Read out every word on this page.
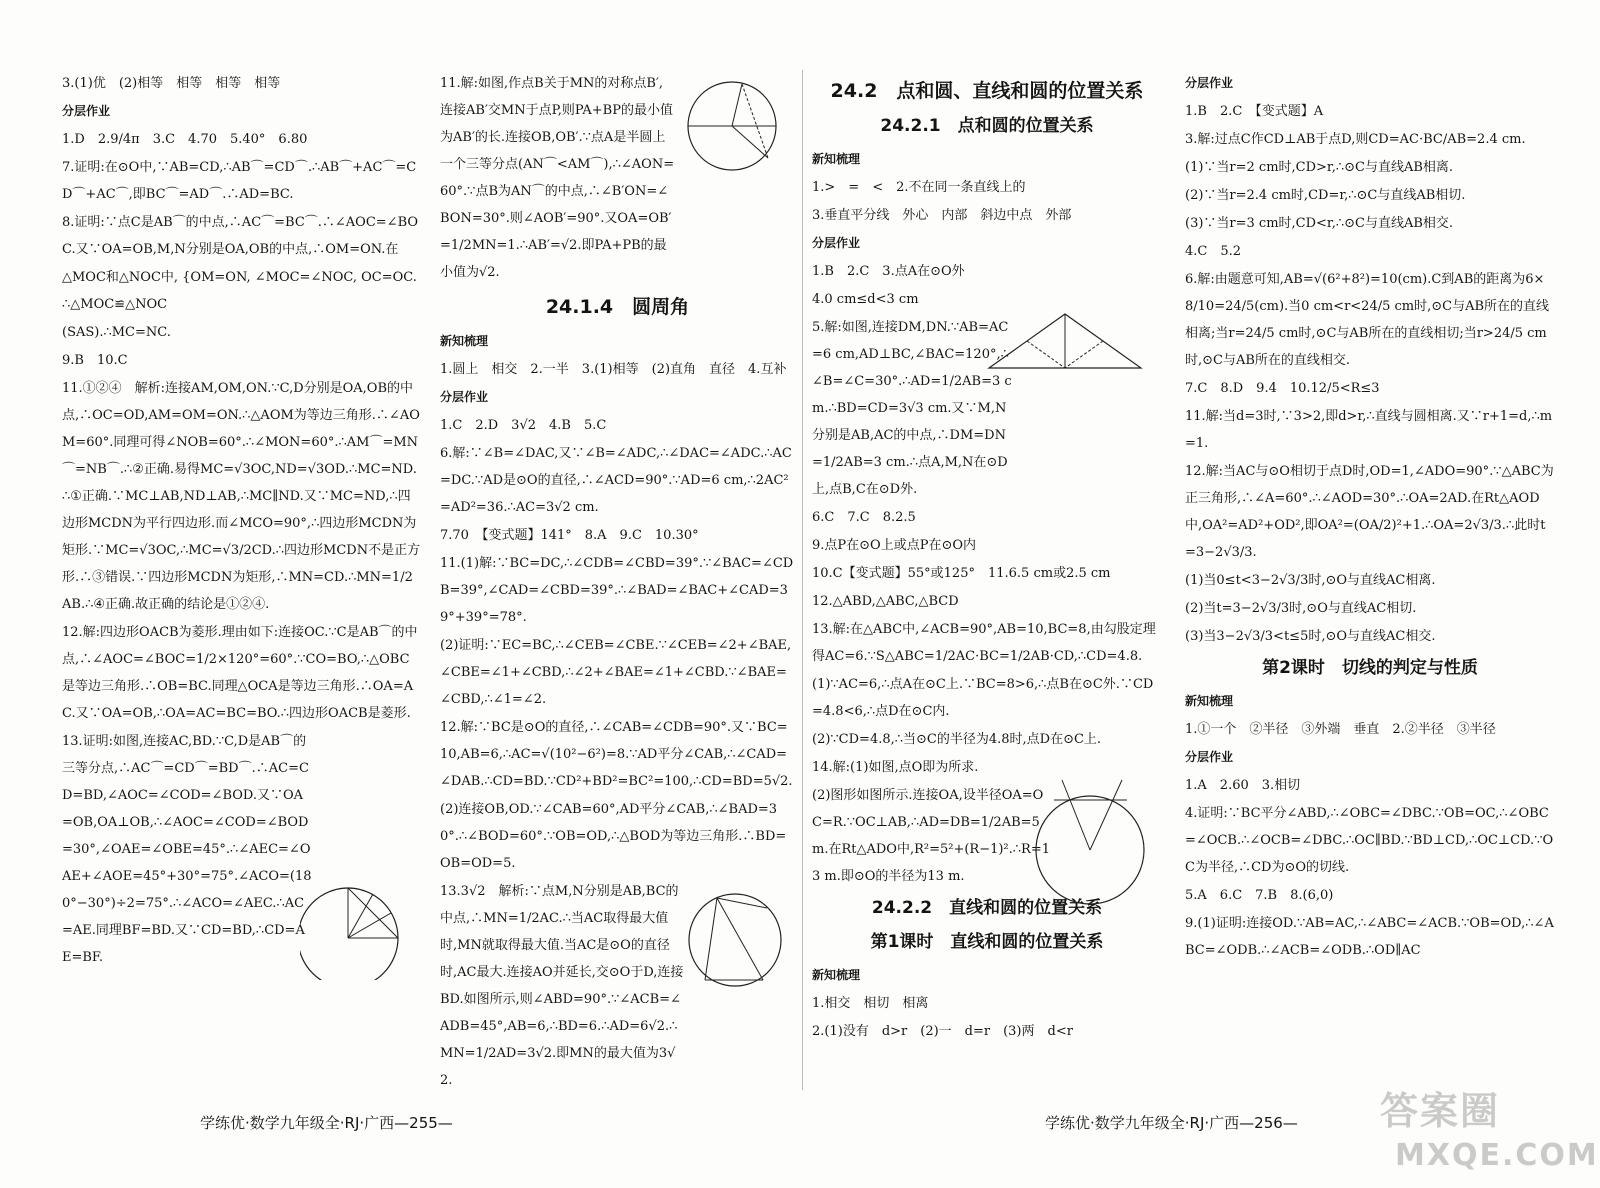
3.(1)优　(2)相等　相等　相等　相等

分层作业

1.D　2.9/4π　3.C　4.70　5.40°　6.80

7.证明:在⊙O中,∵AB=CD,∴AB⌒=CD⌒.∴AB⌒+AC⌒=CD⌒+AC⌒,即BC⌒=AD⌒.∴AD=BC.

8.证明:∵点C是AB⌒的中点,∴AC⌒=BC⌒.∴∠AOC=∠BOC.又∵OA=OB,M,N分别是OA,OB的中点,∴OM=ON.在

△MOC和△NOC中, {OM=ON, ∠MOC=∠NOC, OC=OC. ∴△MOC≌△NOC

(SAS).∴MC=NC.

9.B　10.C

11.①②④　解析:连接AM,OM,ON.∵C,D分别是OA,OB的中点,∴OC=OD,AM=OM=ON.∴△AOM为等边三角形.∴∠AOM=60°.同理可得∠NOB=60°.∴∠MON=60°.∴AM⌒=MN⌒=NB⌒.∴②正确.易得MC=√3OC,ND=√3OD.∴MC=ND.∴①正确.∵MC⊥AB,ND⊥AB,∴MC∥ND.又∵MC=ND,∴四边形MCDN为平行四边形.而∠MCO=90°,∴四边形MCDN为矩形.∵MC=√3OC,∴MC=√3/2CD.∴四边形MCDN不是正方形.∴③错误.∵四边形MCDN为矩形,∴MN=CD.∴MN=1/2AB.∴④正确.故正确的结论是①②④.

12.解:四边形OACB为菱形.理由如下:连接OC.∵C是AB⌒的中点,∴∠AOC=∠BOC=1/2×120°=60°.∵CO=BO,∴△OBC是等边三角形.∴OB=BC.同理△OCA是等边三角形.∴OA=AC.又∵OA=OB,∴OA=AC=BC=BO.∴四边形OACB是菱形.

13.证明:如图,连接AC,BD.∵C,D是AB⌒的三等分点,∴AC⌒=CD⌒=BD⌒.∴AC=CD=BD,∠AOC=∠COD=∠BOD.又∵OA=OB,OA⊥OB,∴∠AOC=∠COD=∠BOD=30°,∠OAE=∠OBE=45°.∴∠AEC=∠OAE+∠AOE=45°+30°=75°.∠ACO=(180°−30°)÷2=75°.∴∠ACO=∠AEC.∴AC=AE.同理BF=BD.又∵CD=BD,∴CD=AE=BF.

11.解:如图,作点B关于MN的对称点B′,连接AB′交MN于点P,则PA+BP的最小值为AB′的长.连接OB,OB′.∵点A是半圆上一个三等分点(AN⌒<AM⌒),∴∠AON=60°.∵点B为AN⌒的中点,∴∠B′ON=∠BON=30°.则∠AOB′=90°.又OA=OB′=1/2MN=1.∴AB′=√2.即PA+PB的最小值为√2.

24.1.4　圆周角

新知梳理

1.圆上　相交　2.一半　3.(1)相等　(2)直角　直径　4.互补

分层作业

1.C　2.D　3√2　4.B　5.C

6.解:∵∠B=∠DAC,又∵∠B=∠ADC,∴∠DAC=∠ADC.∴AC=DC.∵AD是⊙O的直径,∴∠ACD=90°.∵AD=6 cm,∴2AC²=AD²=36.∴AC=3√2 cm.

7.70　【变式题】141°　8.A　9.C　10.30°

11.(1)解:∵BC=DC,∴∠CDB=∠CBD=39°.∵∠BAC=∠CDB=39°,∠CAD=∠CBD=39°.∴∠BAD=∠BAC+∠CAD=39°+39°=78°.

(2)证明:∵EC=BC,∴∠CEB=∠CBE.∵∠CEB=∠2+∠BAE,∠CBE=∠1+∠CBD,∴∠2+∠BAE=∠1+∠CBD.∵∠BAE=∠CBD,∴∠1=∠2.

12.解:∵BC是⊙O的直径,∴∠CAB=∠CDB=90°.又∵BC=10,AB=6,∴AC=√(10²−6²)=8.∵AD平分∠CAB,∴∠CAD=∠DAB.∴CD=BD.∵CD²+BD²=BC²=100,∴CD=BD=5√2.

(2)连接OB,OD.∵∠CAB=60°,AD平分∠CAB,∴∠BAD=30°.∴∠BOD=60°.∵OB=OD,∴△BOD为等边三角形.∴BD=OB=OD=5.

13.3√2　解析:∵点M,N分别是AB,BC的中点,∴MN=1/2AC.∴当AC取得最大值时,MN就取得最大值.当AC是⊙O的直径时,AC最大.连接AO并延长,交⊙O于D,连接BD.如图所示,则∠ABD=90°.∵∠ACB=∠ADB=45°,AB=6,∴BD=6.∴AD=6√2.∴MN=1/2AD=3√2.即MN的最大值为3√2.

24.2　点和圆、直线和圆的位置关系
24.2.1　点和圆的位置关系

新知梳理

1.>　=　<　2.不在同一条直线上的

3.垂直平分线　外心　内部　斜边中点　外部

分层作业

1.B　2.C　3.点A在⊙O外

4.0 cm≤d<3 cm

5.解:如图,连接DM,DN.∵AB=AC=6 cm,AD⊥BC,∠BAC=120°,∴∠B=∠C=30°.∴AD=1/2AB=3 cm.∴BD=CD=3√3 cm.又∵M,N分别是AB,AC的中点,∴DM=DN=1/2AB=3 cm.∴点A,M,N在⊙D上,点B,C在⊙D外.

6.C　7.C　8.2.5

9.点P在⊙O上或点P在⊙O内

10.C【变式题】55°或125°　11.6.5 cm或2.5 cm

12.△ABD,△ABC,△BCD

13.解:在△ABC中,∠ACB=90°,AB=10,BC=8,由勾股定理得AC=6.∵S△ABC=1/2AC·BC=1/2AB·CD,∴CD=4.8.

(1)∵AC=6,∴点A在⊙C上.∵BC=8>6,∴点B在⊙C外.∵CD=4.8<6,∴点D在⊙C内.

(2)∵CD=4.8,∴当⊙C的半径为4.8时,点D在⊙C上.

14.解:(1)如图,点O即为所求.

(2)图形如图所示.连接OA,设半径OA=OC=R.∵OC⊥AB,∴AD=DB=1/2AB=5 m.在Rt△ADO中,R²=5²+(R−1)².∴R=13 m.即⊙O的半径为13 m.

24.2.2　直线和圆的位置关系
第1课时　直线和圆的位置关系

新知梳理

1.相交　相切　相离

2.(1)没有　d>r　(2)一　d=r　(3)两　d<r

分层作业

1.B　2.C　【变式题】A

3.解:过点C作CD⊥AB于点D,则CD=AC·BC/AB=2.4 cm.

(1)∵当r=2 cm时,CD>r,∴⊙C与直线AB相离.

(2)∵当r=2.4 cm时,CD=r,∴⊙C与直线AB相切.

(3)∵当r=3 cm时,CD<r,∴⊙C与直线AB相交.

4.C　5.2

6.解:由题意可知,AB=√(6²+8²)=10(cm).C到AB的距离为6×8/10=24/5(cm).当0 cm<r<24/5 cm时,⊙C与AB所在的直线相离;当r=24/5 cm时,⊙C与AB所在的直线相切;当r>24/5 cm时,⊙C与AB所在的直线相交.

7.C　8.D　9.4　10.12/5<R≤3

11.解:当d=3时,∵3>2,即d>r,∴直线与圆相离.又∵r+1=d,∴m=1.

12.解:当AC与⊙O相切于点D时,OD=1,∠ADO=90°.∵△ABC为正三角形,∴∠A=60°.∴∠AOD=30°.∴OA=2AD.在Rt△AOD中,OA²=AD²+OD²,即OA²=(OA/2)²+1.∴OA=2√3/3.∴此时t=3−2√3/3.

(1)当0≤t<3−2√3/3时,⊙O与直线AC相离.

(2)当t=3−2√3/3时,⊙O与直线AC相切.

(3)当3−2√3/3<t≤5时,⊙O与直线AC相交.

第2课时　切线的判定与性质

新知梳理

1.①一个　②半径　③外端　垂直　2.②半径　③半径

分层作业

1.A　2.60　3.相切

4.证明:∵BC平分∠ABD,∴∠OBC=∠DBC.∵OB=OC,∴∠OBC=∠OCB.∴∠OCB=∠DBC.∴OC∥BD.∵BD⊥CD,∴OC⊥CD.∵OC为半径,∴CD为⊙O的切线.

5.A　6.C　7.B　8.(6,0)

9.(1)证明:连接OD.∵AB=AC,∴∠ABC=∠ACB.∵OB=OD,∴∠ABC=∠ODB.∴∠ACB=∠ODB.∴OD∥AC

学练优·数学九年级全·RJ·广西—255—	学练优·数学九年级全·RJ·广西—256— 答案圈
MXQE.COM
